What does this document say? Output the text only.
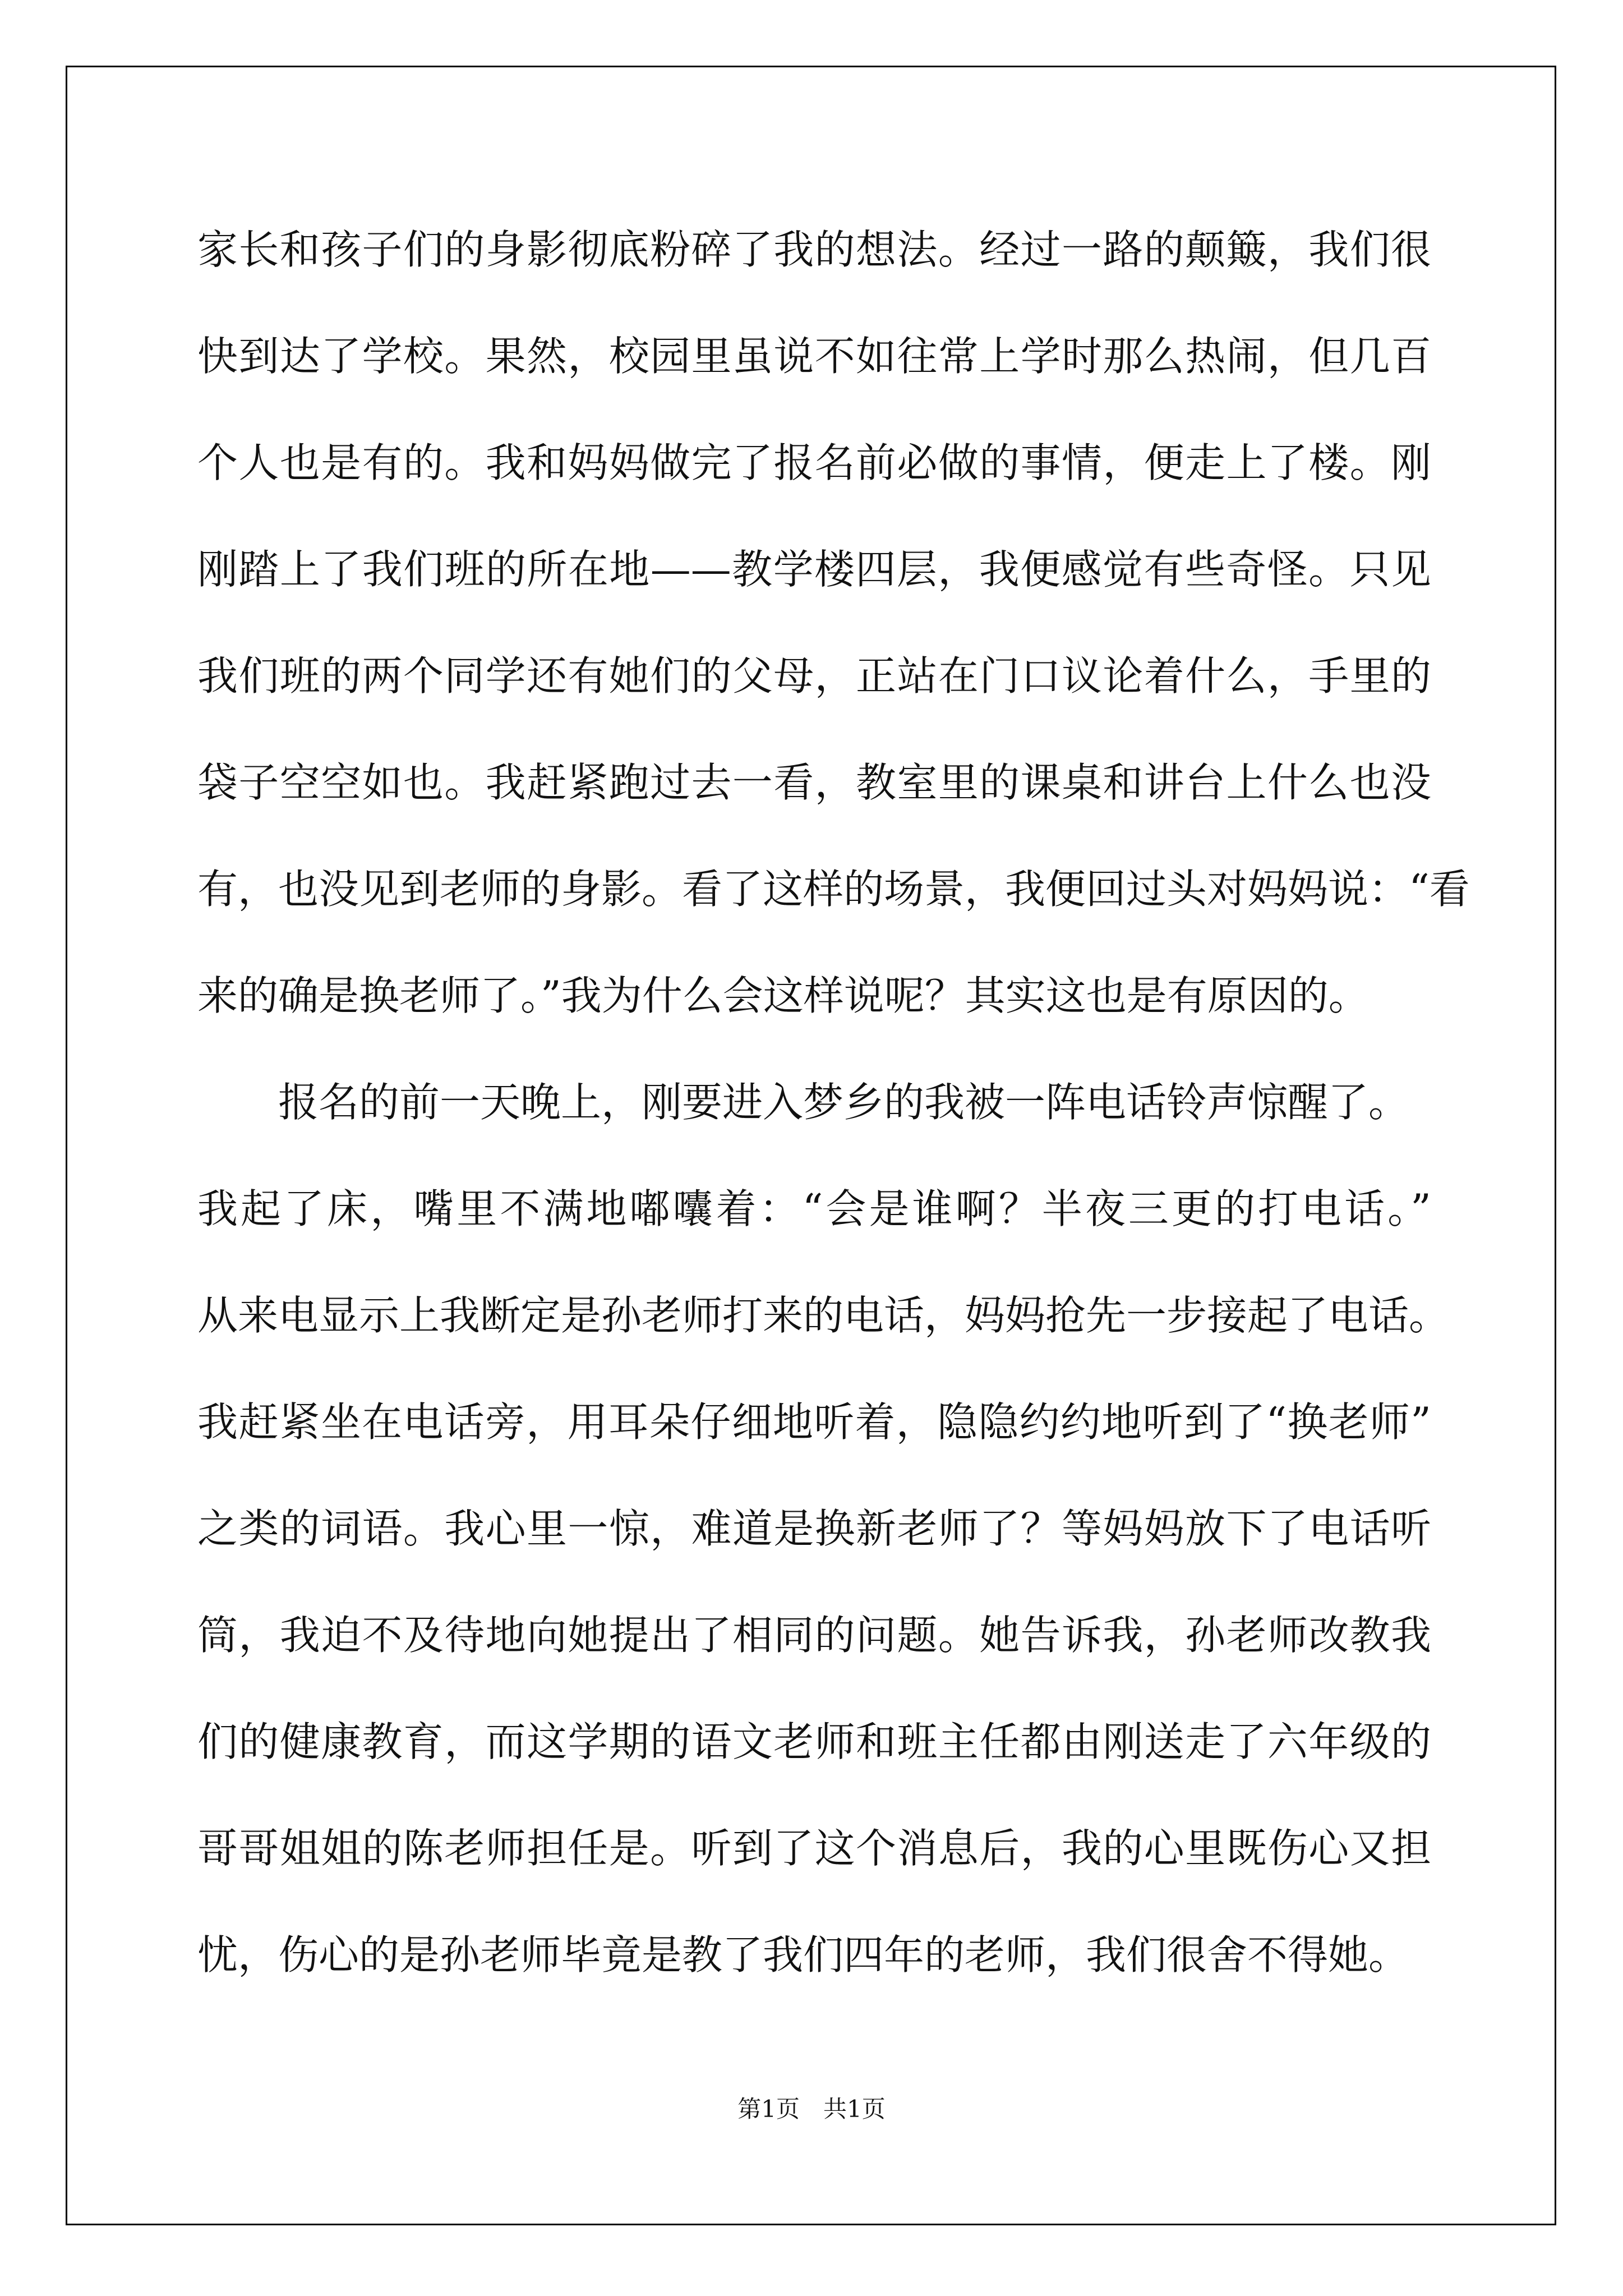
家长和孩子们的身影彻底粉碎了我的想法。经过一路的颠簸，我们很
快到达了学校。果然，校园里虽说不如往常上学时那么热闹，但几百
个人也是有的。我和妈妈做完了报名前必做的事情，便走上了楼。刚
刚踏上了我们班的所在地——教学楼四层，我便感觉有些奇怪。只见
我们班的两个同学还有她们的父母，正站在门口议论着什么，手里的
袋子空空如也。我赶紧跑过去一看，教室里的课桌和讲台上什么也没
有，也没见到老师的身影。看了这样的场景，我便回过头对妈妈说：“看
来的确是换老师了。”我为什么会这样说呢？其实这也是有原因的。
报名的前一天晚上，刚要进入梦乡的我被一阵电话铃声惊醒了。
我起了床，嘴里不满地嘟囔着：“会是谁啊？半夜三更的打电话。”
从来电显示上我断定是孙老师打来的电话，妈妈抢先一步接起了电话。
我赶紧坐在电话旁，用耳朵仔细地听着，隐隐约约地听到了“换老师”
之类的词语。我心里一惊，难道是换新老师了？等妈妈放下了电话听
筒，我迫不及待地向她提出了相同的问题。她告诉我，孙老师改教我
们的健康教育，而这学期的语文老师和班主任都由刚送走了六年级的
哥哥姐姐的陈老师担任是。听到了这个消息后，我的心里既伤心又担
忧，伤心的是孙老师毕竟是教了我们四年的老师，我们很舍不得她。
第1页　共1页
